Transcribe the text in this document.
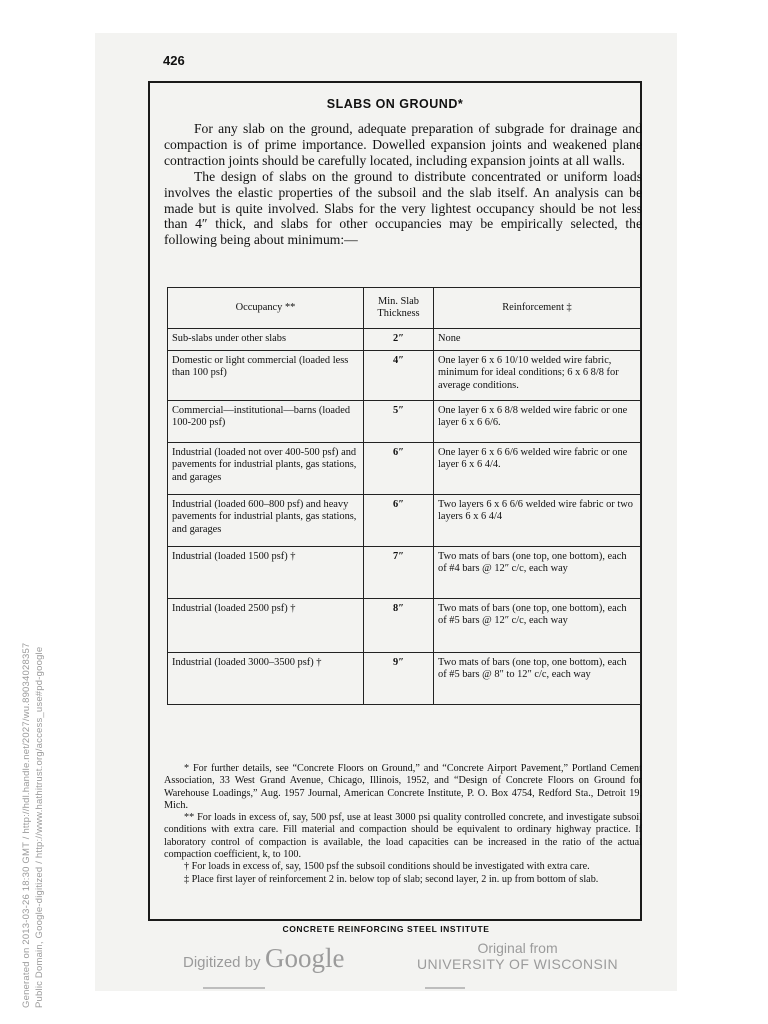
Generated on 2013-03-26 18:30 GMT / http://hdl.handle.net/2027/wu.89034028357 Public Domain, Google-digitized / http://www.hathitrust.org/access_use#pd-google
426
SLABS ON GROUND*

For any slab on the ground, adequate preparation of subgrade for drainage and compaction is of prime importance. Dowelled expansion joints and weakened plane contraction joints should be carefully located, including expansion joints at all walls.

The design of slabs on the ground to distribute concentrated or uniform loads involves the elastic properties of the subsoil and the slab itself. An analysis can be made but is quite involved. Slabs for the very lightest occupancy should be not less than 4″ thick, and slabs for other occupancies may be empirically selected, the following being about minimum:—

Occupancy **	Min. Slab Thickness	Reinforcement ‡
Sub-slabs under other slabs	2″	None
Domestic or light commercial (loaded less than 100 psf)	4″	One layer 6 x 6 10/10 welded wire fabric, minimum for ideal conditions; 6 x 6 8/8 for average conditions.
Commercial—institutional—barns (loaded 100-200 psf)	5″	One layer 6 x 6 8/8 welded wire fabric or one layer 6 x 6 6/6.
Industrial (loaded not over 400-500 psf) and pavements for industrial plants, gas stations, and garages	6″	One layer 6 x 6 6/6 welded wire fabric or one layer 6 x 6 4/4.
Industrial (loaded 600–800 psf) and heavy pavements for industrial plants, gas stations, and garages	6″	Two layers 6 x 6 6/6 welded wire fabric or two layers 6 x 6 4/4
Industrial (loaded 1500 psf) †	7″	Two mats of bars (one top, one bottom), each of #4 bars @ 12″ c/c, each way
Industrial (loaded 2500 psf) †	8″	Two mats of bars (one top, one bottom), each of #5 bars @ 12″ c/c, each way
Industrial (loaded 3000–3500 psf) †	9″	Two mats of bars (one top, one bottom), each of #5 bars @ 8″ to 12″ c/c, each way

* For further details, see “Concrete Floors on Ground,” and “Concrete Airport Pavement,” Portland Cement Association, 33 West Grand Avenue, Chicago, Illinois, 1952, and “Design of Concrete Floors on Ground for Warehouse Loadings,” Aug. 1957 Journal, American Concrete Institute, P. O. Box 4754, Redford Sta., Detroit 19, Mich.

** For loads in excess of, say, 500 psf, use at least 3000 psi quality controlled concrete, and investigate subsoil conditions with extra care. Fill material and compaction should be equivalent to ordinary highway practice. If laboratory control of compaction is available, the load capacities can be increased in the ratio of the actual compaction coefficient, k, to 100.

† For loads in excess of, say, 1500 psf the subsoil conditions should be investigated with extra care.

‡ Place first layer of reinforcement 2 in. below top of slab; second layer, 2 in. up from bottom of slab.

CONCRETE REINFORCING STEEL INSTITUTE
Digitized by Google	Original from
UNIVERSITY OF WISCONSIN
